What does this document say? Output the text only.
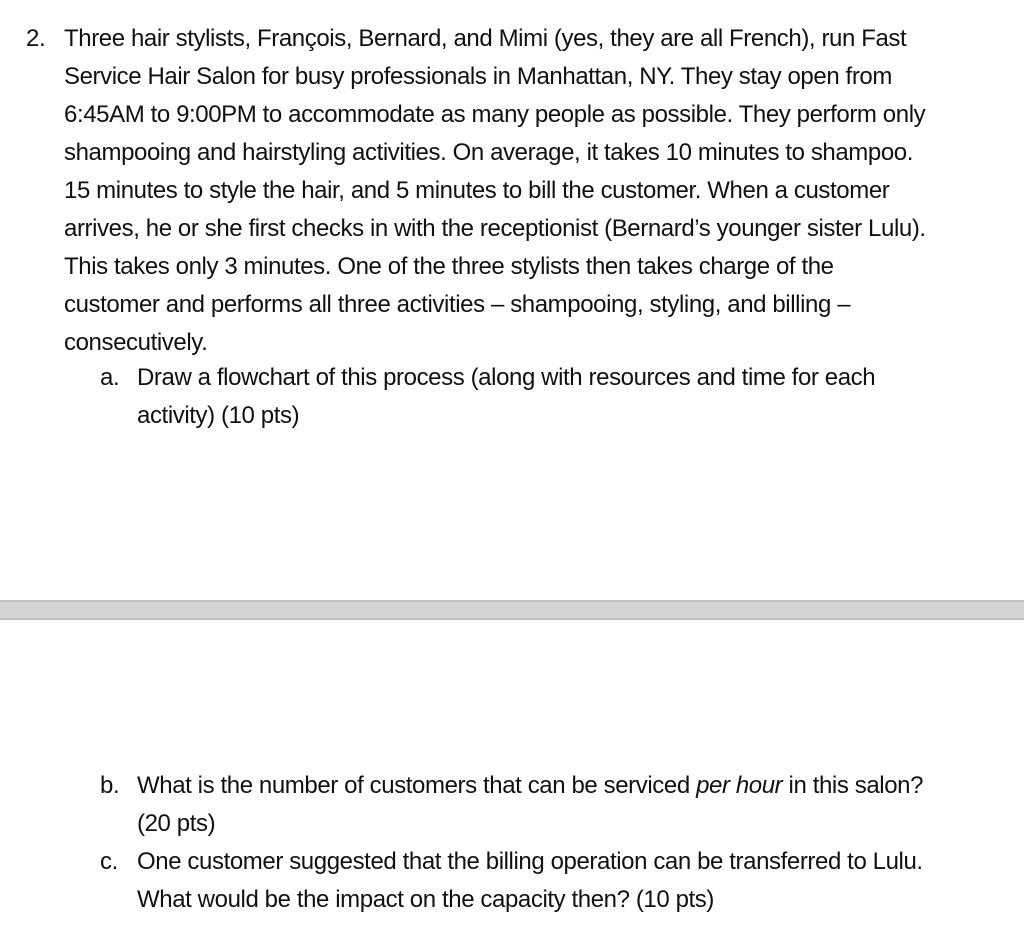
2. Three hair stylists, François, Bernard, and Mimi (yes, they are all French), run Fast
Service Hair Salon for busy professionals in Manhattan, NY. They stay open from
6:45AM to 9:00PM to accommodate as many people as possible. They perform only
shampooing and hairstyling activities. On average, it takes 10 minutes to shampoo.
15 minutes to style the hair, and 5 minutes to bill the customer. When a customer
arrives, he or she first checks in with the receptionist (Bernard’s younger sister Lulu).
This takes only 3 minutes. One of the three stylists then takes charge of the
customer and performs all three activities – shampooing, styling, and billing –
consecutively.

a. Draw a flowchart of this process (along with resources and time for each
activity) (10 pts)
b. What is the number of customers that can be serviced per hour in this salon?
(20 pts)
c. One customer suggested that the billing operation can be transferred to Lulu.
What would be the impact on the capacity then? (10 pts)
